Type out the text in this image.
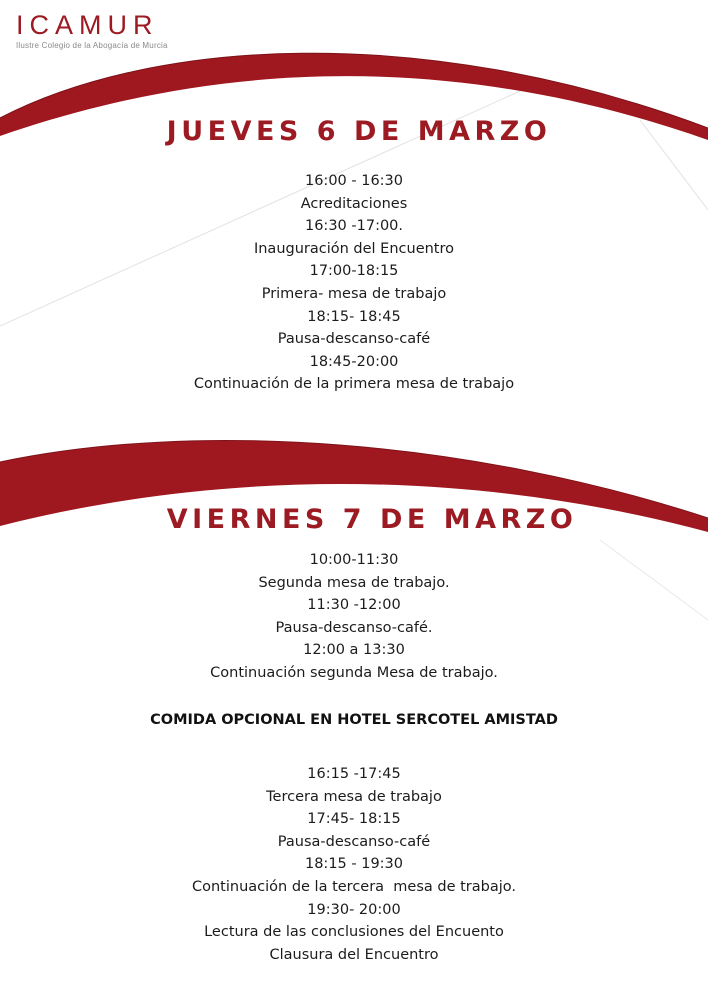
ICAMUR
Ilustre Colegio de la Abogacía de Murcia
JUEVES 6 DE MARZO
16:00 - 16:30
Acreditaciones
16:30 -17:00.
Inauguración del Encuentro
17:00-18:15
Primera- mesa de trabajo
18:15- 18:45
Pausa-descanso-café
18:45-20:00
Continuación de la primera mesa de trabajo
VIERNES 7 DE MARZO
10:00-11:30
Segunda mesa de trabajo.
11:30 -12:00
Pausa-descanso-café.
12:00 a 13:30
Continuación segunda Mesa de trabajo.
COMIDA OPCIONAL EN HOTEL SERCOTEL AMISTAD
16:15 -17:45
Tercera mesa de trabajo
17:45- 18:15
Pausa-descanso-café
18:15 - 19:30
Continuación de la tercera  mesa de trabajo.
19:30- 20:00
Lectura de las conclusiones del Encuento
Clausura del Encuentro
